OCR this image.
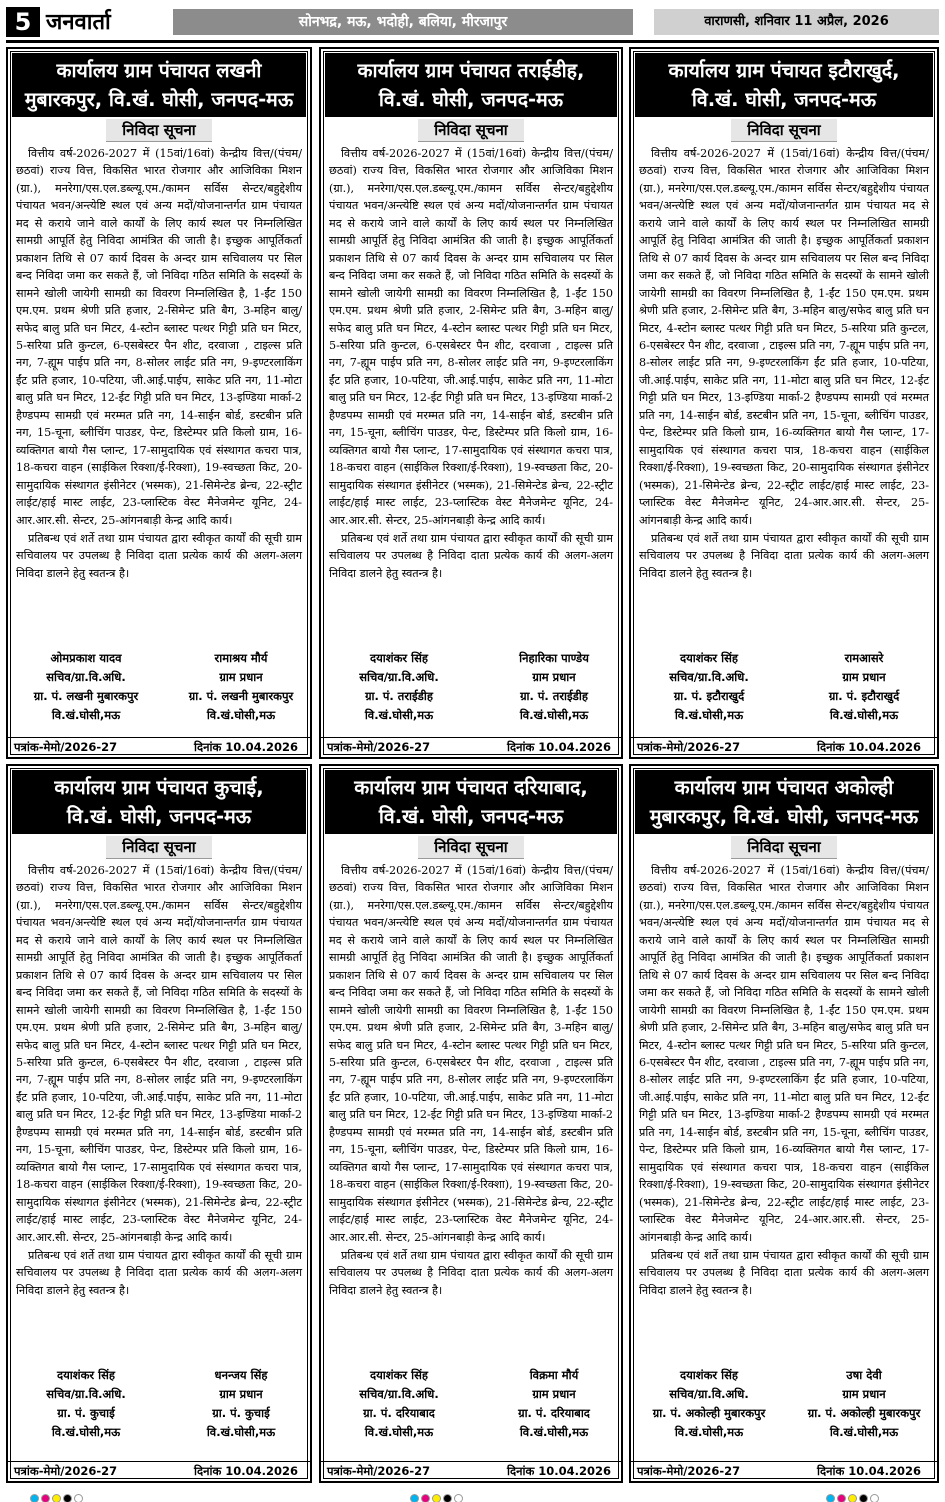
5 जनवार्ता	सोनभद्र, मऊ, भदोही, बलिया, मीरजापुर	वाराणसी, शनिवार 11 अप्रैल, 2026
कार्यालय ग्राम पंचायत लखनी
मुबारकपुर, वि.खं. घोसी, जनपद-मऊ
निविदा सूचना

वित्तीय वर्ष-2026-2027 में (15वां/16वां) केन्द्रीय वित्त/(पंचम/छठवां) राज्य वित्त, विकसित भारत रोजगार और आजिविका मिशन (ग्रा.), मनरेगा/एस.एल.डब्ल्यू.एम./कामन सर्विस सेन्टर/बहुद्देशीय पंचायत भवन/अन्त्येष्टि स्थल एवं अन्य मदों/योजनान्तर्गत ग्राम पंचायत मद से कराये जाने वाले कार्यों के लिए कार्य स्थल पर निम्नलिखित सामग्री आपूर्ति हेतु निविदा आमंत्रित की जाती है। इच्छुक आपूर्तिकर्ता प्रकाशन तिथि से 07 कार्य दिवस के अन्दर ग्राम सचिवालय पर सिल बन्द निविदा जमा कर सकते हैं, जो निविदा गठित समिति के सदस्यों के सामने खोली जायेगी सामग्री का विवरण निम्नलिखित है, 1-ईंट 150 एम.एम. प्रथम श्रेणी प्रति हजार, 2-सिमेन्ट प्रति बैग, 3-महिन बालु/सफेद बालु प्रति घन मिटर, 4-स्टोन ब्लास्ट पत्थर गिट्टी प्रति घन मिटर, 5-सरिया प्रति कुन्टल, 6-एसबेस्टर पैन शीट, दरवाजा , टाइल्स प्रति नग, 7-ह्यूम पाईप प्रति नग, 8-सोलर लाईट प्रति नग, 9-इण्टरलाकिंग ईंट प्रति हजार, 10-पटिया, जी.आई.पाईप, साकेट प्रति नग, 11-मोटा बालु प्रति घन मिटर, 12-ईट गिट्टी प्रति घन मिटर, 13-इण्डिया मार्का-2 हैण्डपम्प सामग्री एवं मरम्मत प्रति नग, 14-साईन बोर्ड, डस्टबीन प्रति नग, 15-चूना, ब्लीचिंग पाउडर, पेन्ट, डिस्टेम्पर प्रति किलो ग्राम, 16-व्यक्तिगत बायो गैस प्लान्ट, 17-सामुदायिक एवं संस्थागत कचरा पात्र, 18-कचरा वाहन (साईकिल रिक्शा/ई-रिक्शा), 19-स्वच्छता किट, 20-सामुदायिक संस्थागत इंसीनेटर (भस्मक), 21-सिमेन्टेड ब्रेन्च, 22-स्ट्रीट लाईट/हाई मास्ट लाईट, 23-प्लास्टिक वेस्ट मैनेजमेन्ट यूनिट, 24-आर.आर.सी. सेन्टर, 25-आंगनबाड़ी केन्द्र आदि कार्य।

प्रतिबन्ध एवं शर्ते तथा ग्राम पंचायत द्वारा स्वीकृत कार्यों की सूची ग्राम सचिवालय पर उपलब्ध है निविदा दाता प्रत्येक कार्य की अलग-अलग निविदा डालने हेतु स्वतन्त्र है।

ओमप्रकाश यादव	रामाश्रय मौर्य
सचिव/ग्रा.वि.अधि.	ग्राम प्रधान
ग्रा. पं. लखनी मुबारकपुर	ग्रा. पं. लखनी मुबारकपुर
वि.खं.घोसी,मऊ	वि.खं.घोसी,मऊ
पत्रांक-मेमो/2026-27	दिनांक 10.04.2026
कार्यालय ग्राम पंचायत तराईडीह,
वि.खं. घोसी, जनपद-मऊ
निविदा सूचना

वित्तीय वर्ष-2026-2027 में (15वां/16वां) केन्द्रीय वित्त/(पंचम/छठवां) राज्य वित्त, विकसित भारत रोजगार और आजिविका मिशन (ग्रा.), मनरेगा/एस.एल.डब्ल्यू.एम./कामन सर्विस सेन्टर/बहुद्देशीय पंचायत भवन/अन्त्येष्टि स्थल एवं अन्य मदों/योजनान्तर्गत ग्राम पंचायत मद से कराये जाने वाले कार्यों के लिए कार्य स्थल पर निम्नलिखित सामग्री आपूर्ति हेतु निविदा आमंत्रित की जाती है। इच्छुक आपूर्तिकर्ता प्रकाशन तिथि से 07 कार्य दिवस के अन्दर ग्राम सचिवालय पर सिल बन्द निविदा जमा कर सकते हैं, जो निविदा गठित समिति के सदस्यों के सामने खोली जायेगी सामग्री का विवरण निम्नलिखित है, 1-ईंट 150 एम.एम. प्रथम श्रेणी प्रति हजार, 2-सिमेन्ट प्रति बैग, 3-महिन बालु/सफेद बालु प्रति घन मिटर, 4-स्टोन ब्लास्ट पत्थर गिट्टी प्रति घन मिटर, 5-सरिया प्रति कुन्टल, 6-एसबेस्टर पैन शीट, दरवाजा , टाइल्स प्रति नग, 7-ह्यूम पाईप प्रति नग, 8-सोलर लाईट प्रति नग, 9-इण्टरलाकिंग ईंट प्रति हजार, 10-पटिया, जी.आई.पाईप, साकेट प्रति नग, 11-मोटा बालु प्रति घन मिटर, 12-ईट गिट्टी प्रति घन मिटर, 13-इण्डिया मार्का-2 हैण्डपम्प सामग्री एवं मरम्मत प्रति नग, 14-साईन बोर्ड, डस्टबीन प्रति नग, 15-चूना, ब्लीचिंग पाउडर, पेन्ट, डिस्टेम्पर प्रति किलो ग्राम, 16-व्यक्तिगत बायो गैस प्लान्ट, 17-सामुदायिक एवं संस्थागत कचरा पात्र, 18-कचरा वाहन (साईकिल रिक्शा/ई-रिक्शा), 19-स्वच्छता किट, 20-सामुदायिक संस्थागत इंसीनेटर (भस्मक), 21-सिमेन्टेड ब्रेन्च, 22-स्ट्रीट लाईट/हाई मास्ट लाईट, 23-प्लास्टिक वेस्ट मैनेजमेन्ट यूनिट, 24-आर.आर.सी. सेन्टर, 25-आंगनबाड़ी केन्द्र आदि कार्य।

प्रतिबन्ध एवं शर्ते तथा ग्राम पंचायत द्वारा स्वीकृत कार्यों की सूची ग्राम सचिवालय पर उपलब्ध है निविदा दाता प्रत्येक कार्य की अलग-अलग निविदा डालने हेतु स्वतन्त्र है।

दयाशंकर सिंह	निहारिका पाण्डेय
सचिव/ग्रा.वि.अधि.	ग्राम प्रधान
ग्रा. पं. तराईडीह	ग्रा. पं. तराईडीह
वि.खं.घोसी,मऊ	वि.खं.घोसी,मऊ
पत्रांक-मेमो/2026-27	दिनांक 10.04.2026
कार्यालय ग्राम पंचायत इटौराखुर्द,
वि.खं. घोसी, जनपद-मऊ
निविदा सूचना

वित्तीय वर्ष-2026-2027 में (15वां/16वां) केन्द्रीय वित्त/(पंचम/छठवां) राज्य वित्त, विकसित भारत रोजगार और आजिविका मिशन (ग्रा.), मनरेगा/एस.एल.डब्ल्यू.एम./कामन सर्विस सेन्टर/बहुद्देशीय पंचायत भवन/अन्त्येष्टि स्थल एवं अन्य मदों/योजनान्तर्गत ग्राम पंचायत मद से कराये जाने वाले कार्यों के लिए कार्य स्थल पर निम्नलिखित सामग्री आपूर्ति हेतु निविदा आमंत्रित की जाती है। इच्छुक आपूर्तिकर्ता प्रकाशन तिथि से 07 कार्य दिवस के अन्दर ग्राम सचिवालय पर सिल बन्द निविदा जमा कर सकते हैं, जो निविदा गठित समिति के सदस्यों के सामने खोली जायेगी सामग्री का विवरण निम्नलिखित है, 1-ईंट 150 एम.एम. प्रथम श्रेणी प्रति हजार, 2-सिमेन्ट प्रति बैग, 3-महिन बालु/सफेद बालु प्रति घन मिटर, 4-स्टोन ब्लास्ट पत्थर गिट्टी प्रति घन मिटर, 5-सरिया प्रति कुन्टल, 6-एसबेस्टर पैन शीट, दरवाजा , टाइल्स प्रति नग, 7-ह्यूम पाईप प्रति नग, 8-सोलर लाईट प्रति नग, 9-इण्टरलाकिंग ईंट प्रति हजार, 10-पटिया, जी.आई.पाईप, साकेट प्रति नग, 11-मोटा बालु प्रति घन मिटर, 12-ईट गिट्टी प्रति घन मिटर, 13-इण्डिया मार्का-2 हैण्डपम्प सामग्री एवं मरम्मत प्रति नग, 14-साईन बोर्ड, डस्टबीन प्रति नग, 15-चूना, ब्लीचिंग पाउडर, पेन्ट, डिस्टेम्पर प्रति किलो ग्राम, 16-व्यक्तिगत बायो गैस प्लान्ट, 17-सामुदायिक एवं संस्थागत कचरा पात्र, 18-कचरा वाहन (साईकिल रिक्शा/ई-रिक्शा), 19-स्वच्छता किट, 20-सामुदायिक संस्थागत इंसीनेटर (भस्मक), 21-सिमेन्टेड ब्रेन्च, 22-स्ट्रीट लाईट/हाई मास्ट लाईट, 23-प्लास्टिक वेस्ट मैनेजमेन्ट यूनिट, 24-आर.आर.सी. सेन्टर, 25-आंगनबाड़ी केन्द्र आदि कार्य।

प्रतिबन्ध एवं शर्ते तथा ग्राम पंचायत द्वारा स्वीकृत कार्यों की सूची ग्राम सचिवालय पर उपलब्ध है निविदा दाता प्रत्येक कार्य की अलग-अलग निविदा डालने हेतु स्वतन्त्र है।

दयाशंकर सिंह	रामआसरे
सचिव/ग्रा.वि.अधि.	ग्राम प्रधान
ग्रा. पं. इटौराखुर्द	ग्रा. पं. इटौराखुर्द
वि.खं.घोसी,मऊ	वि.खं.घोसी,मऊ
पत्रांक-मेमो/2026-27	दिनांक 10.04.2026
कार्यालय ग्राम पंचायत कुचाई,
वि.खं. घोसी, जनपद-मऊ
निविदा सूचना

वित्तीय वर्ष-2026-2027 में (15वां/16वां) केन्द्रीय वित्त/(पंचम/छठवां) राज्य वित्त, विकसित भारत रोजगार और आजिविका मिशन (ग्रा.), मनरेगा/एस.एल.डब्ल्यू.एम./कामन सर्विस सेन्टर/बहुद्देशीय पंचायत भवन/अन्त्येष्टि स्थल एवं अन्य मदों/योजनान्तर्गत ग्राम पंचायत मद से कराये जाने वाले कार्यों के लिए कार्य स्थल पर निम्नलिखित सामग्री आपूर्ति हेतु निविदा आमंत्रित की जाती है। इच्छुक आपूर्तिकर्ता प्रकाशन तिथि से 07 कार्य दिवस के अन्दर ग्राम सचिवालय पर सिल बन्द निविदा जमा कर सकते हैं, जो निविदा गठित समिति के सदस्यों के सामने खोली जायेगी सामग्री का विवरण निम्नलिखित है, 1-ईंट 150 एम.एम. प्रथम श्रेणी प्रति हजार, 2-सिमेन्ट प्रति बैग, 3-महिन बालु/सफेद बालु प्रति घन मिटर, 4-स्टोन ब्लास्ट पत्थर गिट्टी प्रति घन मिटर, 5-सरिया प्रति कुन्टल, 6-एसबेस्टर पैन शीट, दरवाजा , टाइल्स प्रति नग, 7-ह्यूम पाईप प्रति नग, 8-सोलर लाईट प्रति नग, 9-इण्टरलाकिंग ईंट प्रति हजार, 10-पटिया, जी.आई.पाईप, साकेट प्रति नग, 11-मोटा बालु प्रति घन मिटर, 12-ईट गिट्टी प्रति घन मिटर, 13-इण्डिया मार्का-2 हैण्डपम्प सामग्री एवं मरम्मत प्रति नग, 14-साईन बोर्ड, डस्टबीन प्रति नग, 15-चूना, ब्लीचिंग पाउडर, पेन्ट, डिस्टेम्पर प्रति किलो ग्राम, 16-व्यक्तिगत बायो गैस प्लान्ट, 17-सामुदायिक एवं संस्थागत कचरा पात्र, 18-कचरा वाहन (साईकिल रिक्शा/ई-रिक्शा), 19-स्वच्छता किट, 20-सामुदायिक संस्थागत इंसीनेटर (भस्मक), 21-सिमेन्टेड ब्रेन्च, 22-स्ट्रीट लाईट/हाई मास्ट लाईट, 23-प्लास्टिक वेस्ट मैनेजमेन्ट यूनिट, 24-आर.आर.सी. सेन्टर, 25-आंगनबाड़ी केन्द्र आदि कार्य।

प्रतिबन्ध एवं शर्ते तथा ग्राम पंचायत द्वारा स्वीकृत कार्यों की सूची ग्राम सचिवालय पर उपलब्ध है निविदा दाता प्रत्येक कार्य की अलग-अलग निविदा डालने हेतु स्वतन्त्र है।

दयाशंकर सिंह	धनन्जय सिंह
सचिव/ग्रा.वि.अधि.	ग्राम प्रधान
ग्रा. पं. कुचाई	ग्रा. पं. कुचाई
वि.खं.घोसी,मऊ	वि.खं.घोसी,मऊ
पत्रांक-मेमो/2026-27	दिनांक 10.04.2026
कार्यालय ग्राम पंचायत दरियाबाद,
वि.खं. घोसी, जनपद-मऊ
निविदा सूचना

वित्तीय वर्ष-2026-2027 में (15वां/16वां) केन्द्रीय वित्त/(पंचम/छठवां) राज्य वित्त, विकसित भारत रोजगार और आजिविका मिशन (ग्रा.), मनरेगा/एस.एल.डब्ल्यू.एम./कामन सर्विस सेन्टर/बहुद्देशीय पंचायत भवन/अन्त्येष्टि स्थल एवं अन्य मदों/योजनान्तर्गत ग्राम पंचायत मद से कराये जाने वाले कार्यों के लिए कार्य स्थल पर निम्नलिखित सामग्री आपूर्ति हेतु निविदा आमंत्रित की जाती है। इच्छुक आपूर्तिकर्ता प्रकाशन तिथि से 07 कार्य दिवस के अन्दर ग्राम सचिवालय पर सिल बन्द निविदा जमा कर सकते हैं, जो निविदा गठित समिति के सदस्यों के सामने खोली जायेगी सामग्री का विवरण निम्नलिखित है, 1-ईंट 150 एम.एम. प्रथम श्रेणी प्रति हजार, 2-सिमेन्ट प्रति बैग, 3-महिन बालु/सफेद बालु प्रति घन मिटर, 4-स्टोन ब्लास्ट पत्थर गिट्टी प्रति घन मिटर, 5-सरिया प्रति कुन्टल, 6-एसबेस्टर पैन शीट, दरवाजा , टाइल्स प्रति नग, 7-ह्यूम पाईप प्रति नग, 8-सोलर लाईट प्रति नग, 9-इण्टरलाकिंग ईंट प्रति हजार, 10-पटिया, जी.आई.पाईप, साकेट प्रति नग, 11-मोटा बालु प्रति घन मिटर, 12-ईट गिट्टी प्रति घन मिटर, 13-इण्डिया मार्का-2 हैण्डपम्प सामग्री एवं मरम्मत प्रति नग, 14-साईन बोर्ड, डस्टबीन प्रति नग, 15-चूना, ब्लीचिंग पाउडर, पेन्ट, डिस्टेम्पर प्रति किलो ग्राम, 16-व्यक्तिगत बायो गैस प्लान्ट, 17-सामुदायिक एवं संस्थागत कचरा पात्र, 18-कचरा वाहन (साईकिल रिक्शा/ई-रिक्शा), 19-स्वच्छता किट, 20-सामुदायिक संस्थागत इंसीनेटर (भस्मक), 21-सिमेन्टेड ब्रेन्च, 22-स्ट्रीट लाईट/हाई मास्ट लाईट, 23-प्लास्टिक वेस्ट मैनेजमेन्ट यूनिट, 24-आर.आर.सी. सेन्टर, 25-आंगनबाड़ी केन्द्र आदि कार्य।

प्रतिबन्ध एवं शर्ते तथा ग्राम पंचायत द्वारा स्वीकृत कार्यों की सूची ग्राम सचिवालय पर उपलब्ध है निविदा दाता प्रत्येक कार्य की अलग-अलग निविदा डालने हेतु स्वतन्त्र है।

दयाशंकर सिंह	विक्रमा मौर्य
सचिव/ग्रा.वि.अधि.	ग्राम प्रधान
ग्रा. पं. दरियाबाद	ग्रा. पं. दरियाबाद
वि.खं.घोसी,मऊ	वि.खं.घोसी,मऊ
पत्रांक-मेमो/2026-27	दिनांक 10.04.2026
कार्यालय ग्राम पंचायत अकोल्ही
मुबारकपुर, वि.खं. घोसी, जनपद-मऊ
निविदा सूचना

वित्तीय वर्ष-2026-2027 में (15वां/16वां) केन्द्रीय वित्त/(पंचम/छठवां) राज्य वित्त, विकसित भारत रोजगार और आजिविका मिशन (ग्रा.), मनरेगा/एस.एल.डब्ल्यू.एम./कामन सर्विस सेन्टर/बहुद्देशीय पंचायत भवन/अन्त्येष्टि स्थल एवं अन्य मदों/योजनान्तर्गत ग्राम पंचायत मद से कराये जाने वाले कार्यों के लिए कार्य स्थल पर निम्नलिखित सामग्री आपूर्ति हेतु निविदा आमंत्रित की जाती है। इच्छुक आपूर्तिकर्ता प्रकाशन तिथि से 07 कार्य दिवस के अन्दर ग्राम सचिवालय पर सिल बन्द निविदा जमा कर सकते हैं, जो निविदा गठित समिति के सदस्यों के सामने खोली जायेगी सामग्री का विवरण निम्नलिखित है, 1-ईंट 150 एम.एम. प्रथम श्रेणी प्रति हजार, 2-सिमेन्ट प्रति बैग, 3-महिन बालु/सफेद बालु प्रति घन मिटर, 4-स्टोन ब्लास्ट पत्थर गिट्टी प्रति घन मिटर, 5-सरिया प्रति कुन्टल, 6-एसबेस्टर पैन शीट, दरवाजा , टाइल्स प्रति नग, 7-ह्यूम पाईप प्रति नग, 8-सोलर लाईट प्रति नग, 9-इण्टरलाकिंग ईंट प्रति हजार, 10-पटिया, जी.आई.पाईप, साकेट प्रति नग, 11-मोटा बालु प्रति घन मिटर, 12-ईट गिट्टी प्रति घन मिटर, 13-इण्डिया मार्का-2 हैण्डपम्प सामग्री एवं मरम्मत प्रति नग, 14-साईन बोर्ड, डस्टबीन प्रति नग, 15-चूना, ब्लीचिंग पाउडर, पेन्ट, डिस्टेम्पर प्रति किलो ग्राम, 16-व्यक्तिगत बायो गैस प्लान्ट, 17-सामुदायिक एवं संस्थागत कचरा पात्र, 18-कचरा वाहन (साईकिल रिक्शा/ई-रिक्शा), 19-स्वच्छता किट, 20-सामुदायिक संस्थागत इंसीनेटर (भस्मक), 21-सिमेन्टेड ब्रेन्च, 22-स्ट्रीट लाईट/हाई मास्ट लाईट, 23-प्लास्टिक वेस्ट मैनेजमेन्ट यूनिट, 24-आर.आर.सी. सेन्टर, 25-आंगनबाड़ी केन्द्र आदि कार्य।

प्रतिबन्ध एवं शर्ते तथा ग्राम पंचायत द्वारा स्वीकृत कार्यों की सूची ग्राम सचिवालय पर उपलब्ध है निविदा दाता प्रत्येक कार्य की अलग-अलग निविदा डालने हेतु स्वतन्त्र है।

दयाशंकर सिंह	उषा देवी
सचिव/ग्रा.वि.अधि.	ग्राम प्रधान
ग्रा. पं. अकोल्ही मुबारकपुर	ग्रा. पं. अकोल्ही मुबारकपुर
वि.खं.घोसी,मऊ	वि.खं.घोसी,मऊ
पत्रांक-मेमो/2026-27	दिनांक 10.04.2026
